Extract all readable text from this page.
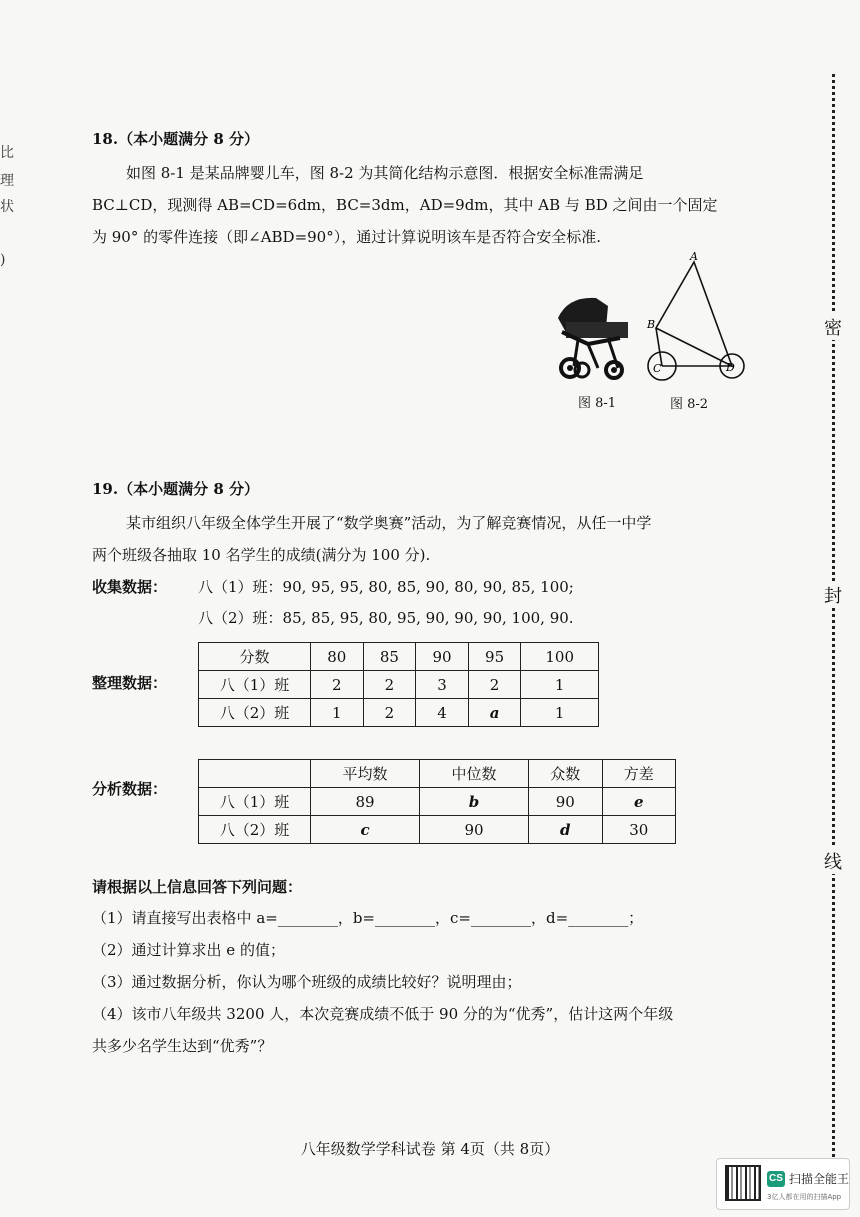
比
理
状
)
18.（本小题满分 8 分）
如图 8-1 是某品牌婴儿车，图 8-2 为其简化结构示意图．根据安全标准需满足
BC⊥CD，现测得 AB=CD=6dm，BC=3dm，AD=9dm，其中 AB 与 BD 之间由一个固定
为 90° 的零件连接（即∠ABD=90°），通过计算说明该车是否符合安全标准.
A
B
C	D
图 8-1	图 8-2
19.（本小题满分 8 分）
某市组织八年级全体学生开展了“数学奥赛”活动，为了解竞赛情况，从任一中学
两个班级各抽取 10 名学生的成绩(满分为 100 分).
收集数据： 八（1）班：90, 95, 95, 80, 85, 90, 80, 90, 85, 100;
八（2）班：85, 85, 95, 80, 95, 90, 90, 90, 100, 90.
整理数据：
分数	80	85	90	95	100
八（1）班	2	2	3	2	1
八（2）班	1	2	4	a	1
分析数据：
	平均数	中位数	众数	方差
八（1）班	89	b	90	e
八（2）班	c	90	d	30
请根据以上信息回答下列问题：
（1）请直接写出表格中 a=________，b=________，c=________，d=________；
（2）通过计算求出 e 的值；
（3）通过数据分析，你认为哪个班级的成绩比较好？说明理由；
（4）该市八年级共 3200 人，本次竞赛成绩不低于 90 分的为“优秀”，估计这两个年级
共多少名学生达到“优秀”？
密
封
线
八年级数学学科试卷 第 4页（共 8页）
CS 扫描全能王
3亿人都在用的扫描App
